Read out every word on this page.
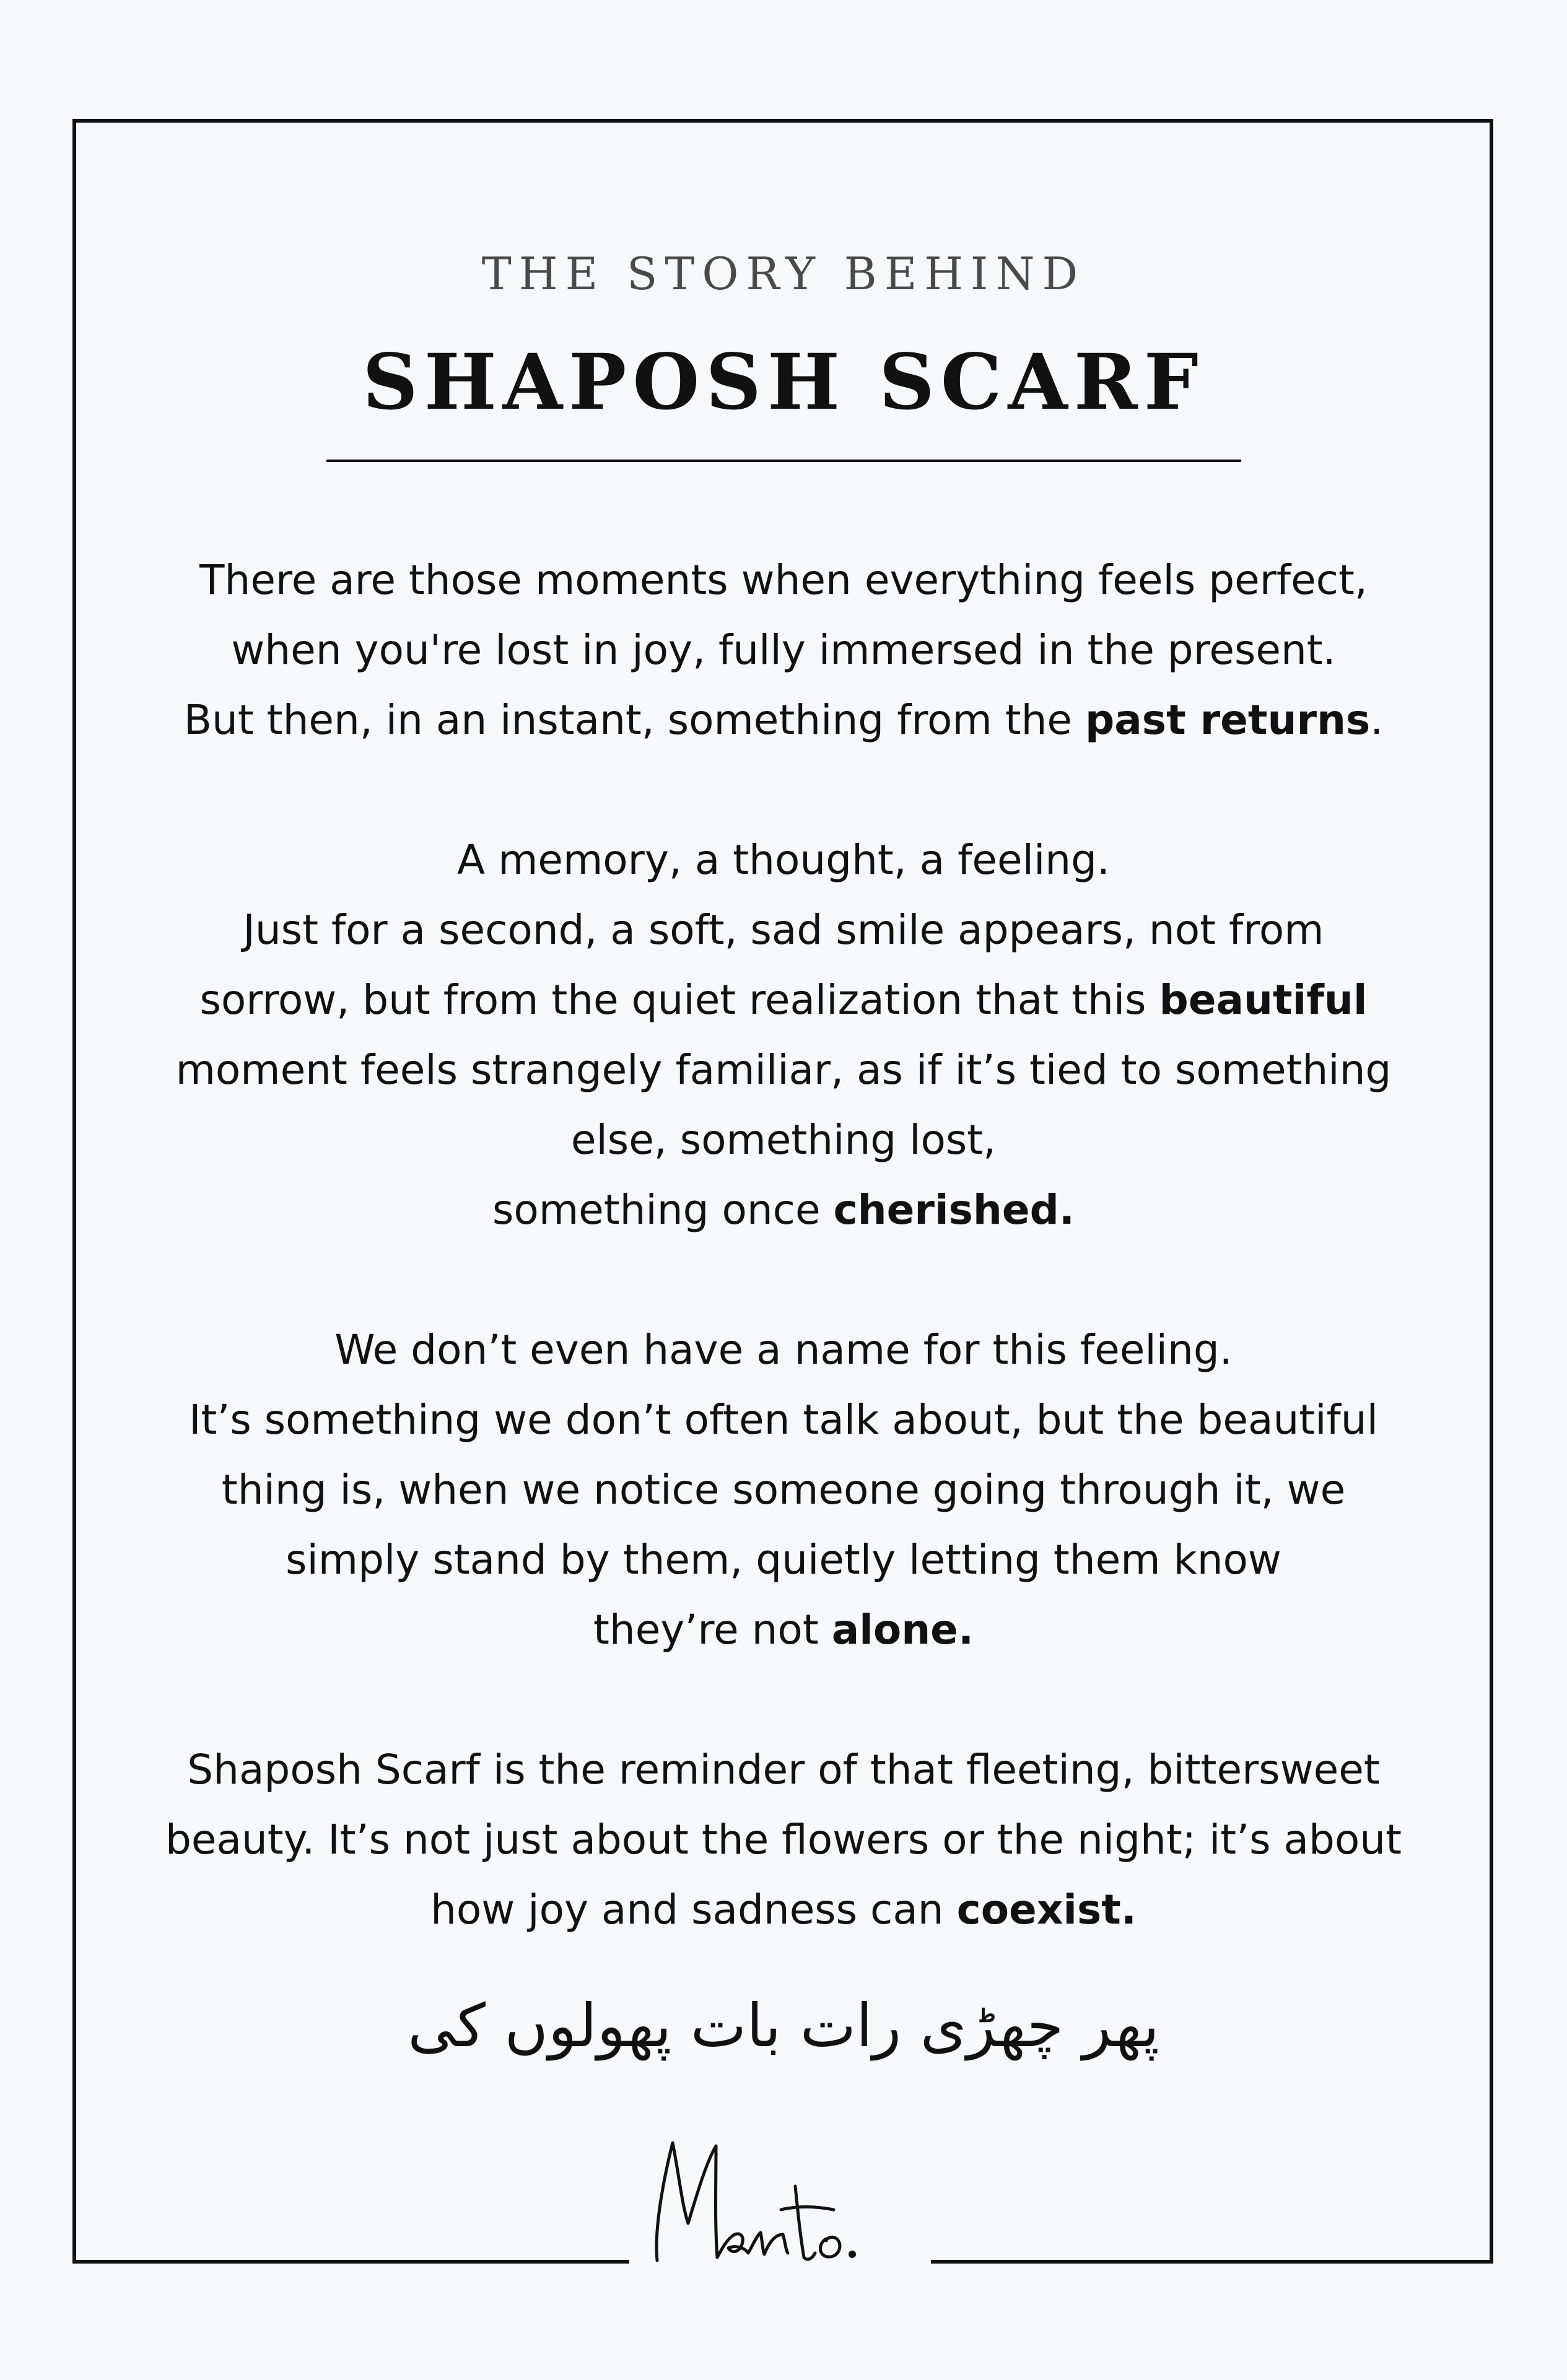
THE STORY BEHIND
SHAPOSH SCARF

There are those moments when everything feels perfect,
when you're lost in joy, fully immersed in the present.
But then, in an instant, something from the past returns.

A memory, a thought, a feeling.
Just for a second, a soft, sad smile appears, not from
sorrow, but from the quiet realization that this beautiful
moment feels strangely familiar, as if it’s tied to something
else, something lost,
something once cherished.

We don’t even have a name for this feeling.
It’s something we don’t often talk about, but the beautiful
thing is, when we notice someone going through it, we
simply stand by them, quietly letting them know
they’re not alone.

Shaposh Scarf is the reminder of that fleeting, bittersweet
beauty. It’s not just about the flowers or the night; it’s about
how joy and sadness can coexist.

پھر چھڑی رات بات پھولوں کی
